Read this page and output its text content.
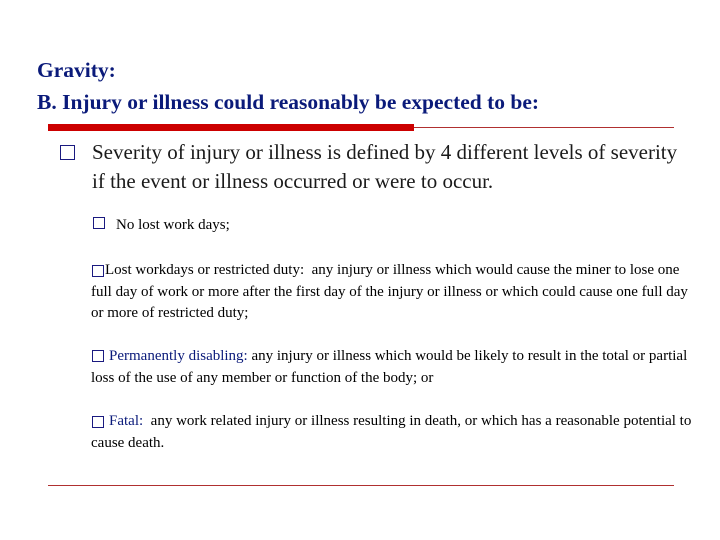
Gravity:
B. Injury or illness could reasonably be expected to be:
Severity of injury or illness is defined by 4 different levels of severity if the event or illness occurred or were to occur.
No lost work days;
Lost workdays or restricted duty: any injury or illness which would cause the miner to lose one full day of work or more after the first day of the injury or illness or which could cause one full day or more of restricted duty;
Permanently disabling: any injury or illness which would be likely to result in the total or partial loss of the use of any member or function of the body; or
Fatal: any work related injury or illness resulting in death, or which has a reasonable potential to cause death.
